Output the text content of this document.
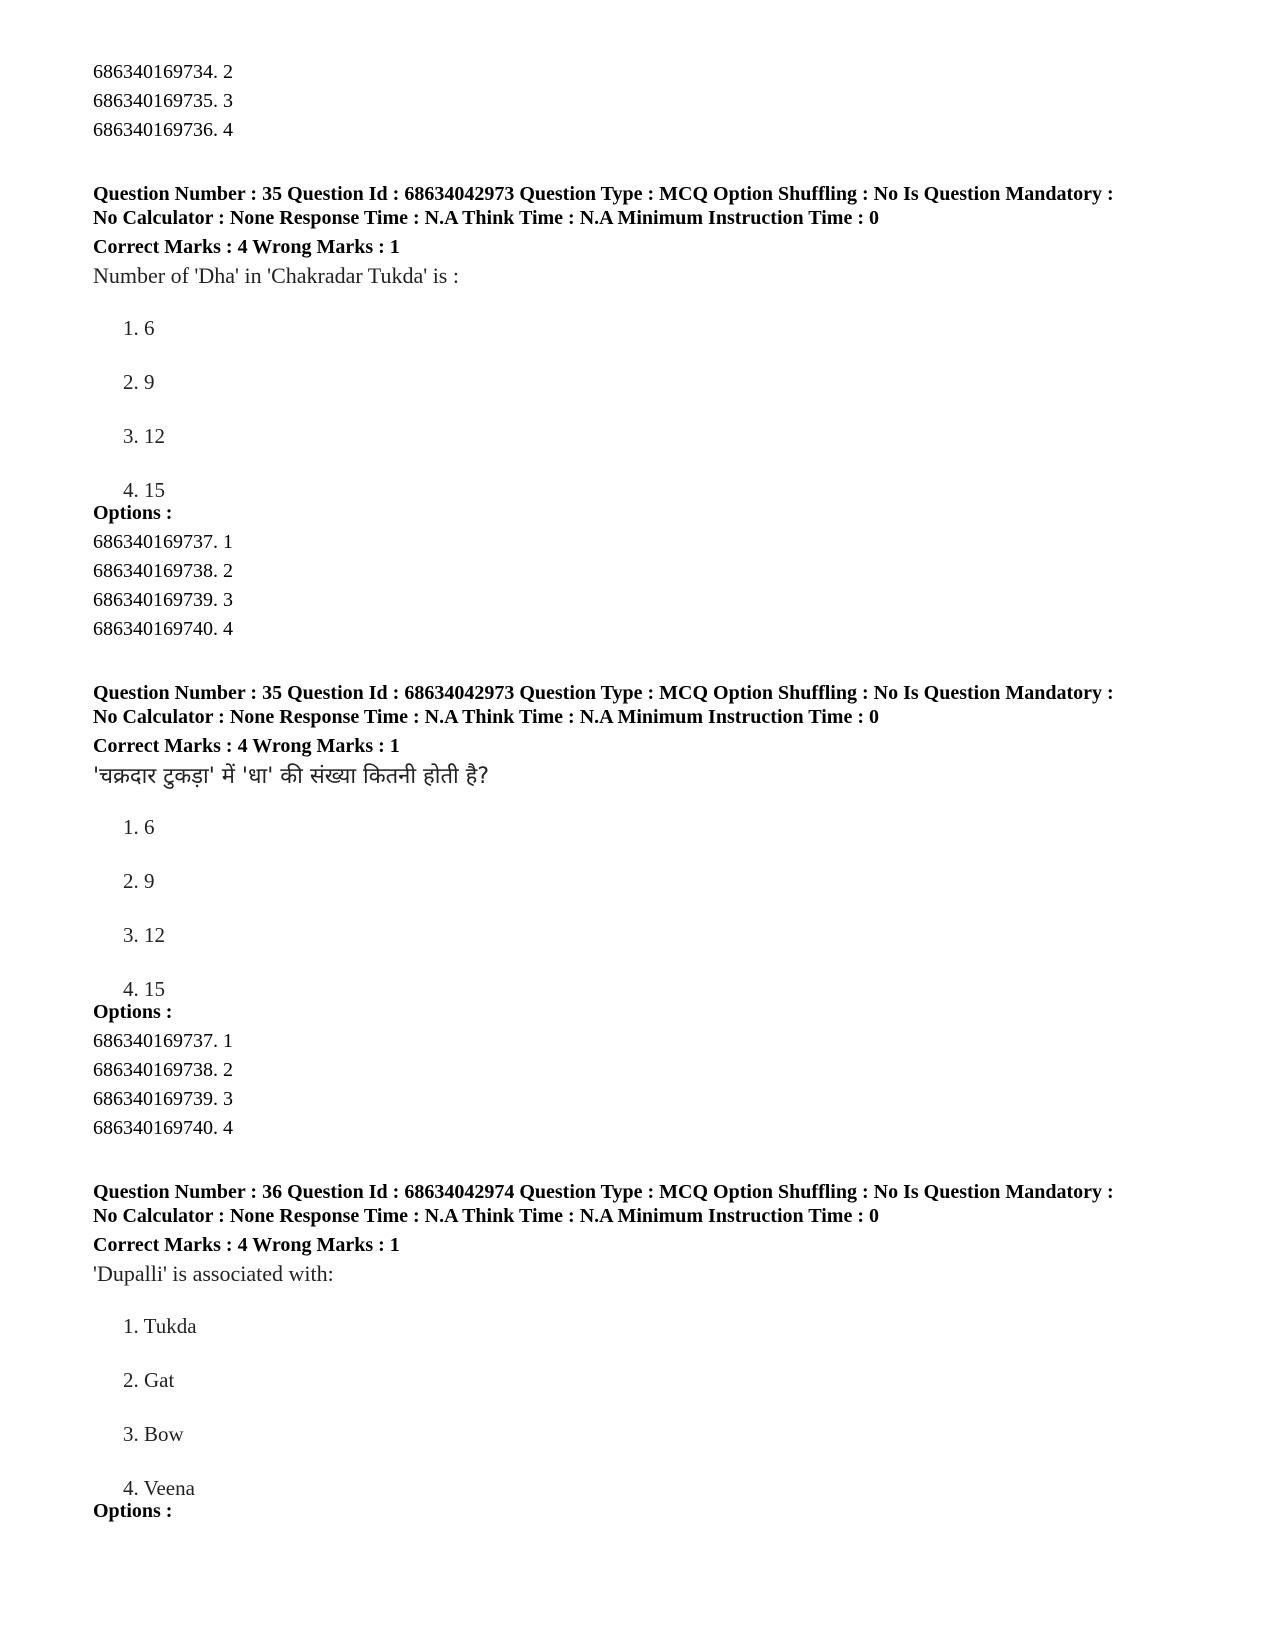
686340169734. 2
686340169735. 3
686340169736. 4
Question Number : 35 Question Id : 68634042973 Question Type : MCQ Option Shuffling : No Is Question Mandatory :
No Calculator : None Response Time : N.A Think Time : N.A Minimum Instruction Time : 0
Correct Marks : 4 Wrong Marks : 1
Number of 'Dha' in 'Chakradar Tukda' is :
1. 6
2. 9
3. 12
4. 15
Options :
686340169737. 1
686340169738. 2
686340169739. 3
686340169740. 4
Question Number : 35 Question Id : 68634042973 Question Type : MCQ Option Shuffling : No Is Question Mandatory :
No Calculator : None Response Time : N.A Think Time : N.A Minimum Instruction Time : 0
Correct Marks : 4 Wrong Marks : 1
'चक्रदार टुकड़ा' में 'धा' की संख्या कितनी होती है?
1. 6
2. 9
3. 12
4. 15
Options :
686340169737. 1
686340169738. 2
686340169739. 3
686340169740. 4
Question Number : 36 Question Id : 68634042974 Question Type : MCQ Option Shuffling : No Is Question Mandatory :
No Calculator : None Response Time : N.A Think Time : N.A Minimum Instruction Time : 0
Correct Marks : 4 Wrong Marks : 1
'Dupalli' is associated with:
1. Tukda
2. Gat
3. Bow
4. Veena
Options :
